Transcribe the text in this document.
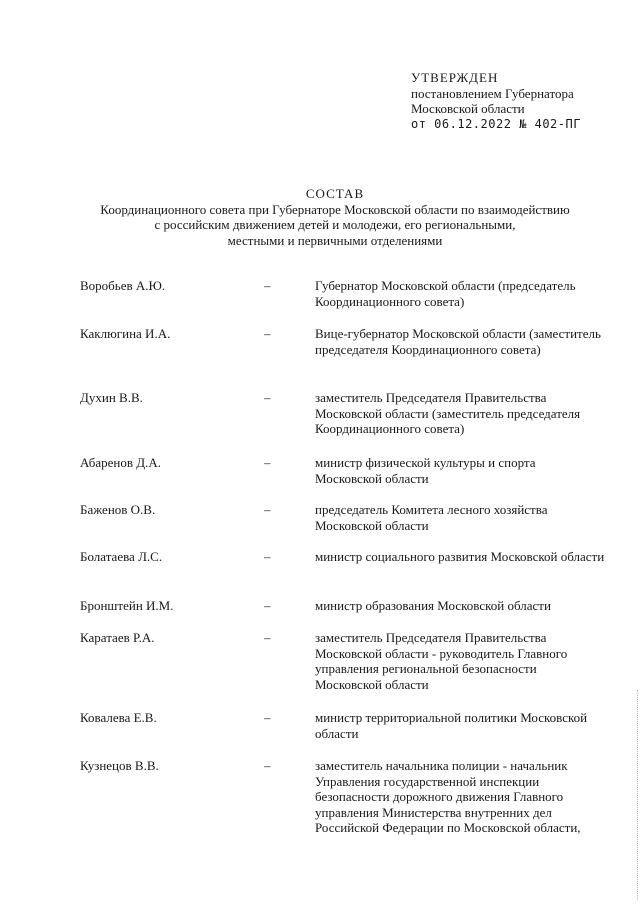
УТВЕРЖДЕН
постановлением Губернатора
Московской области
от 06.12.2022 № 402-ПГ
СОСТАВ
Координационного совета при Губернаторе Московской области по взаимодействию
с российским движением детей и молодежи, его региональными,
местными и первичными отделениями
Воробьев А.Ю.	–	Губернатор Московской области (председатель Координационного совета)
Каклюгина И.А.	–	Вице-губернатор Московской области (заместитель председателя Координационного совета)
Духин В.В.	–	заместитель Председателя Правительства Московской области (заместитель председателя Координационного совета)
Абаренов Д.А.	–	министр физической культуры и спорта Московской области
Баженов О.В.	–	председатель Комитета лесного хозяйства Московской области
Болатаева Л.С.	–	министр социального развития Московской области
Бронштейн И.М.	–	министр образования Московской области
Каратаев Р.А.	–	заместитель Председателя Правительства Московской области - руководитель Главного управления региональной безопасности Московской области
Ковалева Е.В.	–	министр территориальной политики Московской области
Кузнецов В.В.	–	заместитель начальника полиции - начальник Управления государственной инспекции безопасности дорожного движения Главного управления Министерства внутренних дел Российской Федерации по Московской области,
